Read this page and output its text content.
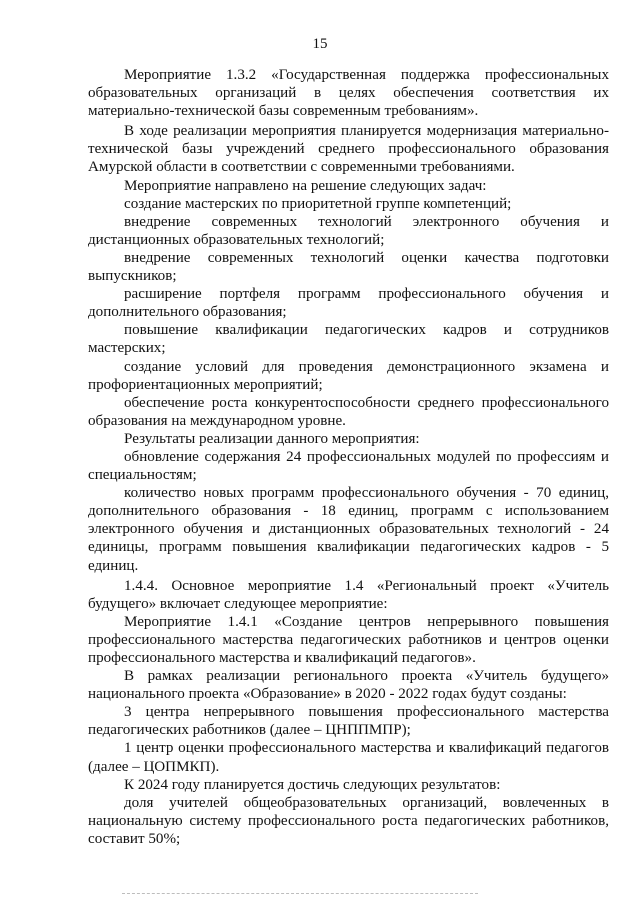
15

Мероприятие 1.3.2 «Государственная поддержка профессиональных образовательных организаций в целях обеспечения соответствия их материально-технической базы современным требованиям».

В ходе реализации мероприятия планируется модернизация материально-технической базы учреждений среднего профессионального образования Амурской области в соответствии с современными требованиями.

Мероприятие направлено на решение следующих задач:

создание мастерских по приоритетной группе компетенций;

внедрение современных технологий электронного обучения и дистанционных образовательных технологий;

внедрение современных технологий оценки качества подготовки выпускников;

расширение портфеля программ профессионального обучения и дополнительного образования;

повышение квалификации педагогических кадров и сотрудников мастерских;

создание условий для проведения демонстрационного экзамена и профориентационных мероприятий;

обеспечение роста конкурентоспособности среднего профессионального образования на международном уровне.

Результаты реализации данного мероприятия:

обновление содержания 24 профессиональных модулей по профессиям и специальностям;

количество новых программ профессионального обучения - 70 единиц, дополнительного образования - 18 единиц, программ с использованием электронного обучения и дистанционных образовательных технологий - 24 единицы, программ повышения квалификации педагогических кадров - 5 единиц.

1.4.4. Основное мероприятие 1.4 «Региональный проект «Учитель будущего» включает следующее мероприятие:

Мероприятие 1.4.1 «Создание центров непрерывного повышения профессионального мастерства педагогических работников и центров оценки профессионального мастерства и квалификаций педагогов».

В рамках реализации регионального проекта «Учитель будущего» национального проекта «Образование» в 2020 - 2022 годах будут созданы:

3 центра непрерывного повышения профессионального мастерства педагогических работников (далее – ЦНППМПР);

1 центр оценки профессионального мастерства и квалификаций педагогов (далее – ЦОПМКП).

К 2024 году планируется достичь следующих результатов:

доля учителей общеобразовательных организаций, вовлеченных в национальную систему профессионального роста педагогических работников, составит 50%;
